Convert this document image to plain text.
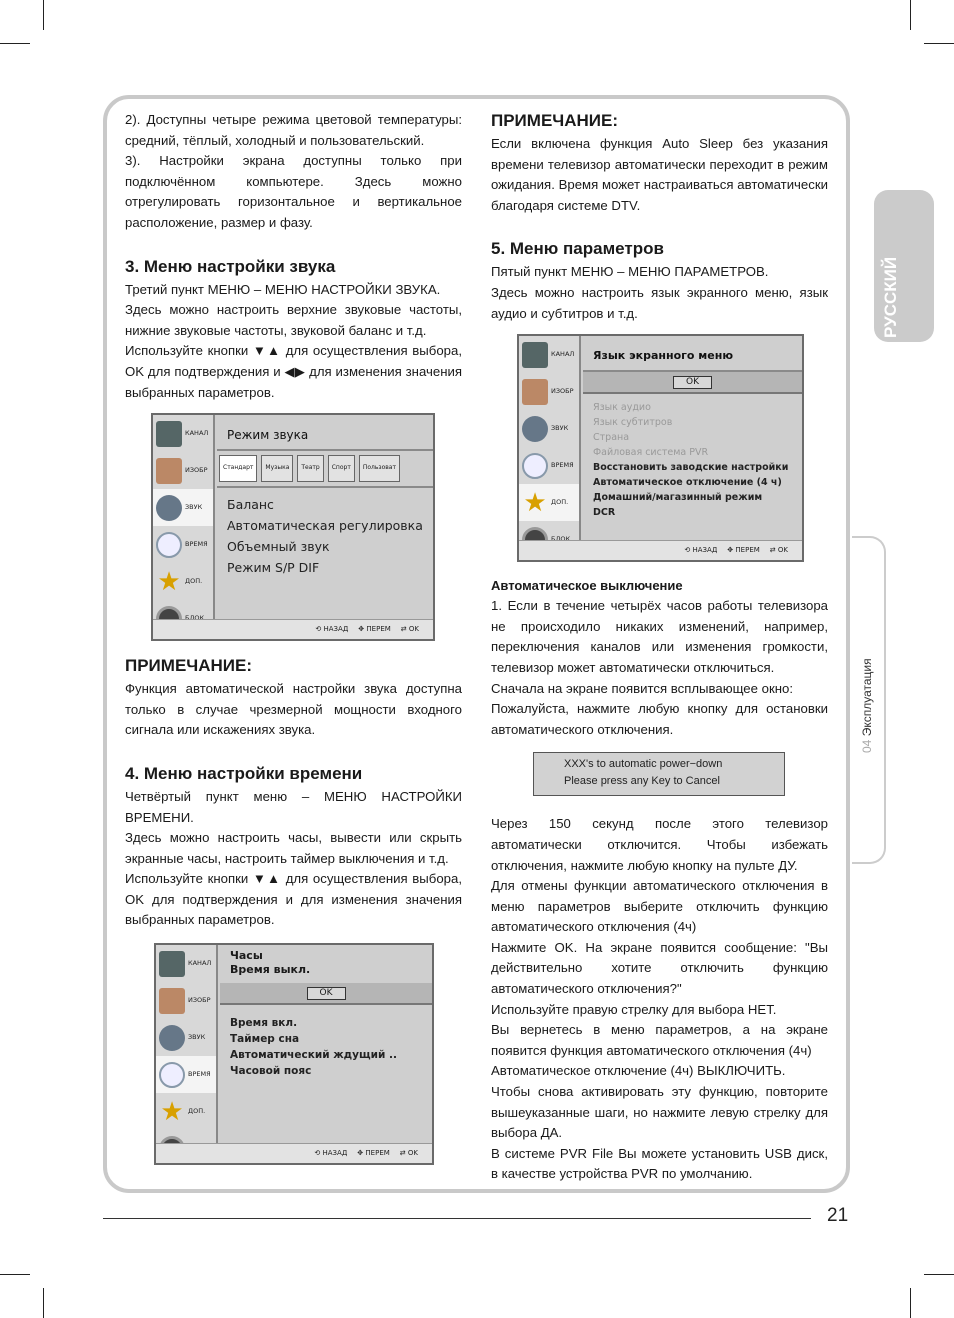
2). Доступны четыре режима цветовой температуры: средний, тёплый, холодный и пользовательский.

3). Настройки экрана доступны только при подключённом компьютере. Здесь можно отрегулировать горизонтальное и вертикальное расположение, размер и фазу.

3. Меню настройки звука

Третий пункт МЕНЮ – МЕНЮ НАСТРОЙКИ ЗВУКА.

Здесь можно настроить верхние звуковые частоты, нижние звуковые частоты, звуковой баланс и т.д.

Используйте кнопки ▼▲ для осуществления выбора, OK для подтверждения и ◀▶ для изменения значения выбранных параметров.

КАНАЛ
ИЗОБР
ЗВУК
ВРЕМЯ
★ ДОП.
Режим звука
Стандарт	Музыка	Театр	Спорт	Пользоват
Баланс
Автоматическая регулировка
Объемный звук
Режим S/P DIF
⟲ НАЗАД ✥ ПЕРЕМ ⇄ OK
ПРИМЕЧАНИЕ:

Функция автоматической настройки звука доступна только в случае чрезмерной мощности входного сигнала или искажениях звука.

4. Меню настройки времени

Четвёртый пункт меню – МЕНЮ НАСТРОЙКИ ВРЕМЕНИ.

Здесь можно настроить часы, вывести или скрыть экранные часы, настроить таймер выключения и т.д.

Используйте кнопки ▼▲ для осуществления выбора, OK для подтверждения и для изменения значения выбранных параметров.

КАНАЛ
ИЗОБР
ЗВУК
ВРЕМЯ
★ ДОП.
Часы
Время выкл.
OK
Время вкл.
Таймер сна
Автоматический ждущий ..
Часовой пояс
⟲ НАЗАД ✥ ПЕРЕМ ⇄ OK
ПРИМЕЧАНИЕ:

Если включена функция Auto Sleep без указания времени телевизор автоматически переходит в режим ожидания. Время может настраиваться автоматически благодаря системе DTV.

5. Меню параметров

Пятый пункт МЕНЮ – МЕНЮ ПАРАМЕТРОВ.

Здесь можно настроить язык экранного меню, язык аудио и субтитров и т.д.

КАНАЛ
ИЗОБР
ЗВУК
ВРЕМЯ
★ ДОП.
Язык экранного меню
OK
Язык аудио
Язык субтитров
Страна
Файловая система PVR
Восстановить заводские настройки
Автоматическое отключение (4 ч)
Домашний/магазинный режим
DCR
⟲ НАЗАД ✥ ПЕРЕМ ⇄ OK
Автоматическое выключение

1. Если в течение четырёх часов работы телевизора не происходило никаких изменений, например, переключения каналов или изменения громкости, телевизор может автоматически отключиться.

Сначала на экране появится всплывающее окно:

Пожалуйста, нажмите любую кнопку для остановки автоматического отключения.

XXX's to automatic power−down
Please press any Key to Cancel

Через 150 секунд после этого телевизор автоматически отключится. Чтобы избежать отключения, нажмите любую кнопку на пульте ДУ.

Для отмены функции автоматического отключения в меню параметров выберите отключить функцию автоматического отключения (4ч)

Нажмите OK. На экране появится сообщение: "Вы действительно хотите отключить функцию автоматического отключения?"

Используйте правую стрелку для выбора НЕТ.

Вы вернетесь в меню параметров, а на экране появится функция автоматического отключения (4ч)

Автоматическое отключение (4ч) ВЫКЛЮЧИТЬ.

Чтобы снова активировать эту функцию, повторите вышеуказанные шаги, но нажмите левую стрелку для выбора ДА.

В системе PVR File Вы можете установить USB диск, в качестве устройства PVR по умолчанию.

РУССКИЙ
04 Эксплуатация
21
